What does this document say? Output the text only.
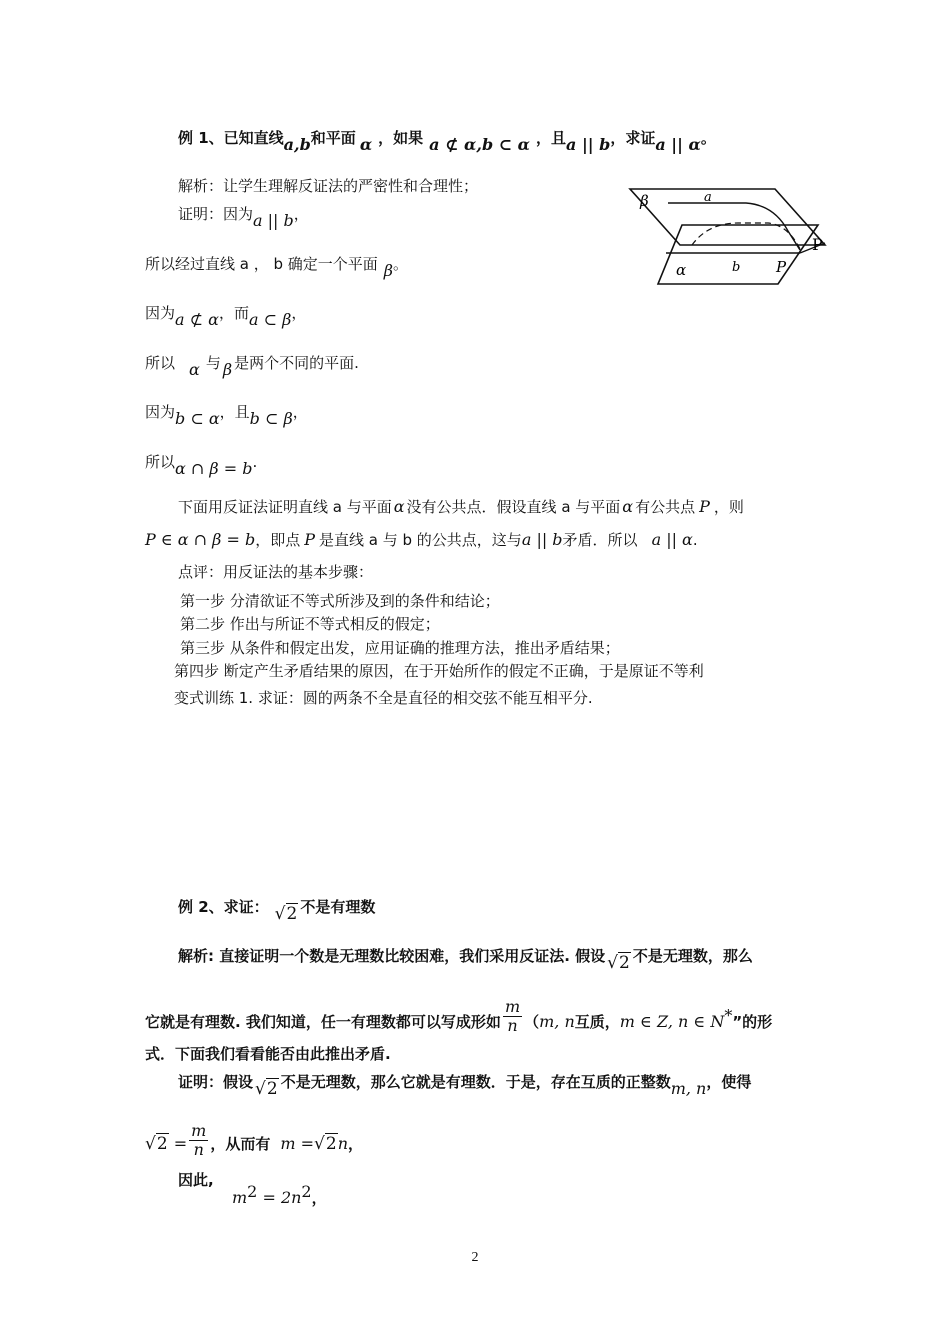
例 1、已知直线a,b和平面 α ，如果 a ⊄ α,b ⊂ α ，且a || b，求证a || α。
解析：让学生理解反证法的严密性和合理性；
证明：因为a || b，
所以经过直线 a ， b 确定一个平面 β。
因为a ⊄ α，而a ⊂ β，
所以 α 与 β 是两个不同的平面.
因为b ⊂ α，且b ⊂ β，
所以α ∩ β = b.
β	a
P
α	b P
下面用反证法证明直线 a 与平面 α 没有公共点．假设直线 a 与平面 α 有公共点 P ，则
P ∈ α ∩ β = b，即点 P 是直线 a 与 b 的公共点，这与a || b矛盾．所以 a || α.
点评：用反证法的基本步骤：
第一步 分清欲证不等式所涉及到的条件和结论；
第二步 作出与所证不等式相反的假定；
第三步 从条件和假定出发，应用证确的推理方法，推出矛盾结果；
第四步 断定产生矛盾结果的原因，在于开始所作的假定不正确，于是原证不等利
变式训练 1. 求证：圆的两条不全是直径的相交弦不能互相平分.
例 2、求证： √2 不是有理数
解析: 直接证明一个数是无理数比较困难，我们采用反证法. 假设 √2 不是无理数，那么
它就是有理数. 我们知道，任一有理数都可以写成形如 $\frac{m}{n} (m$, n互质，m ∈ Z, n ∈ N*”的形
式．下面我们看看能否由此推出矛盾.
证明：假设 √2 不是无理数，那么它就是有理数．于是，存在互质的正整数m, n，使得
$√2 = \frac{m}{n}$ ，从而有 m =√2n，
因此,
$m^2 = 2n^2$，
2
